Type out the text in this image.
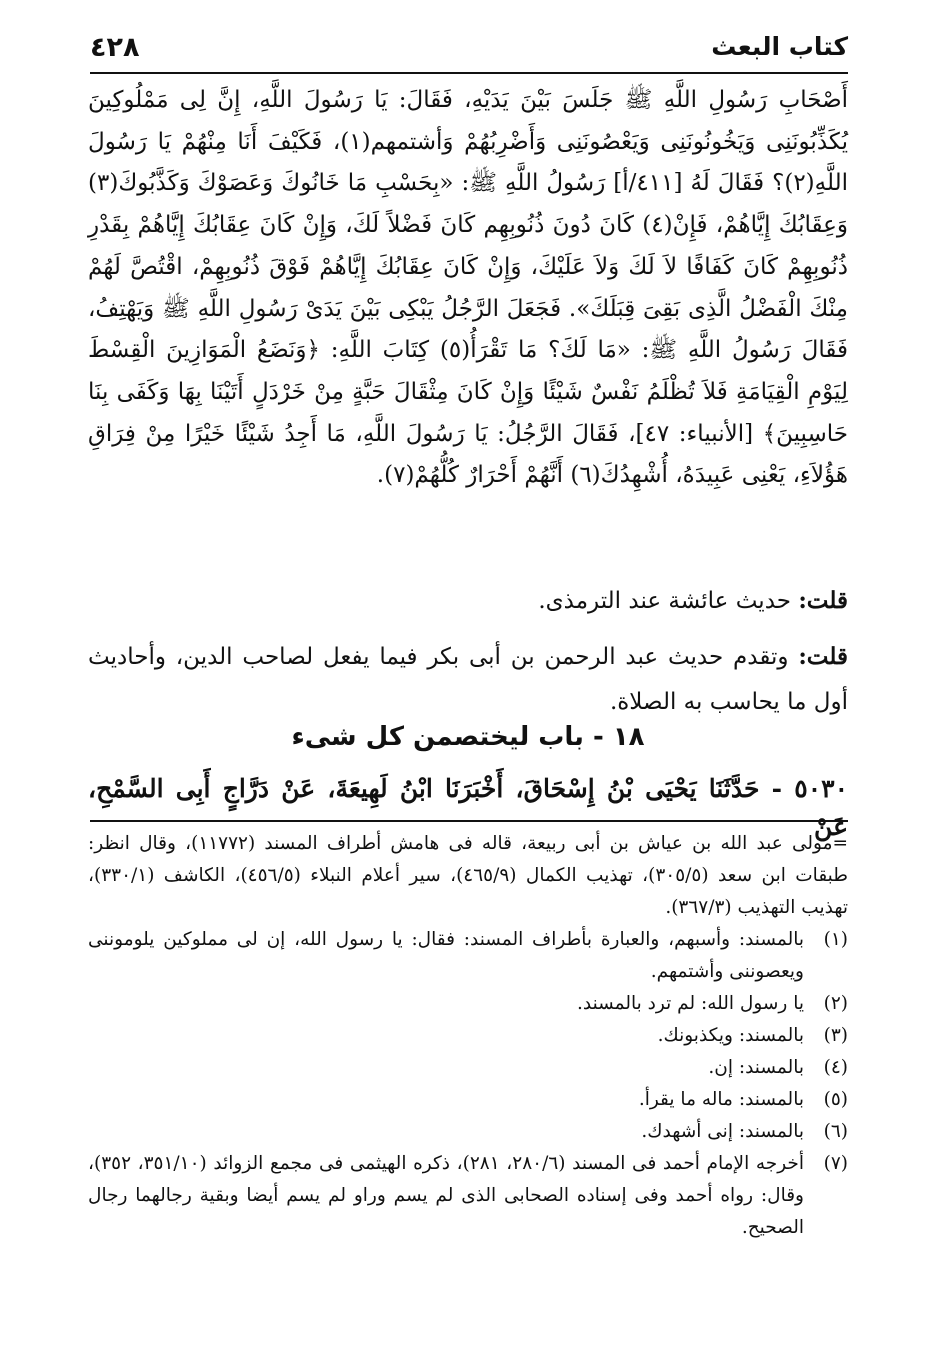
كتاب البعث
٤٢٨

أَصْحَابِ رَسُولِ اللَّهِ ﷺ جَلَسَ بَيْنَ يَدَيْهِ، فَقَالَ: يَا رَسُولَ اللَّهِ، إِنَّ لِى مَمْلُوكِينَ يُكَذِّبُونَنِى وَيَخُونُونَنِى وَيَعْصُونَنِى وَأَضْرِبُهُمْ وَأشتمهم(١)، فَكَيْفَ أَنَا مِنْهُمْ يَا رَسُولَ اللَّهِ(٢)؟ فَقَالَ لَهُ [٤١١/أ] رَسُولُ اللَّهِ ﷺ: «بِحَسْبِ مَا خَانُوكَ وَعَصَوْكَ وَكَذَّبُوكَ(٣) وَعِقَابُكَ إِيَّاهُمْ، فَإِنْ(٤) كَانَ دُونَ ذُنُوبِهِم كَانَ فَضْلاً لَكَ، وَإِنْ كَانَ عِقَابُكَ إِيَّاهُمْ بِقَدْرِ ذُنُوبِهِمْ كَانَ كَفَافًا لاَ لَكَ وَلاَ عَلَيْكَ، وَإِنْ كَانَ عِقَابُكَ إِيَّاهُمْ فَوْقَ ذُنُوبِهِمْ، اقْتُصَّ لَهُمْ مِنْكَ الْفَضْلُ الَّذِى بَقِىَ قِبَلَكَ». فَجَعَلَ الرَّجُلُ يَبْكِى بَيْنَ يَدَىْ رَسُولِ اللَّهِ ﷺ وَيَهْتِفُ، فَقَالَ رَسُولُ اللَّهِ ﷺ: «مَا لَكَ؟ مَا تَقْرَأُ(٥) كِتَابَ اللَّهِ: ﴿وَنَضَعُ الْمَوَازِينَ الْقِسْطَ لِيَوْمِ الْقِيَامَةِ فَلاَ تُظْلَمُ نَفْسٌ شَيْئًا وَإِنْ كَانَ مِثْقَالَ حَبَّةٍ مِنْ خَرْدَلٍ أَتَيْنَا بِهَا وَكَفَى بِنَا حَاسِبِينَ﴾ [الأنبياء: ٤٧]، فَقَالَ الرَّجُلُ: يَا رَسُولَ اللَّهِ، مَا أَجِدُ شَيْئًا خَيْرًا مِنْ فِرَاقِ هَؤُلاَءِ، يَعْنِى عَبِيدَهُ، أُشْهِدُكَ(٦) أَنَّهُمْ أَحْرَارٌ كُلُّهُمْ(٧).

قلت: حديث عائشة عند الترمذى.

قلت: وتقدم حديث عبد الرحمن بن أبى بكر فيما يفعل لصاحب الدين، وأحاديث أول ما يحاسب به الصلاة.

١٨ - باب ليختصمن كل شىء
٥٠٣٠ - حَدَّثَنَا يَحْيَى بْنُ إِسْحَاقَ، أَخْبَرَنَا ابْنُ لَهِيعَةَ، عَنْ دَرَّاجٍ أَبِى السَّمْحِ، عَنْ

=مولى عبد الله بن عياش بن أبى ربيعة، قاله فى هامش أطراف المسند (١١٧٧٢)، وقال انظر: طبقات ابن سعد (٣٠٥/٥)، تهذيب الكمال (٤٦٥/٩)، سير أعلام النبلاء (٤٥٦/٥)، الكاشف (٣٣٠/١)، تهذيب التهذيب (٣٦٧/٣).

(١)
بالمسند: وأسبهم، والعبارة بأطراف المسند: فقال: يا رسول الله، إن لى مملوكين يلوموننى ويعصوننى وأشتمهم.

(٢)
يا رسول الله: لم ترد بالمسند.

(٣)
بالمسند: ويكذبونك.

(٤)
بالمسند: إن.

(٥)
بالمسند: ماله ما يقرأ.

(٦)
بالمسند: إنى أشهدك.

(٧)
أخرجه الإمام أحمد فى المسند (٢٨٠/٦، ٢٨١)، ذكره الهيثمى فى مجمع الزوائد (٣٥١/١٠، ٣٥٢)، وقال: رواه أحمد وفى إسناده الصحابى الذى لم يسم وراو لم يسم أيضا وبقية رجالهما رجال الصحيح.
